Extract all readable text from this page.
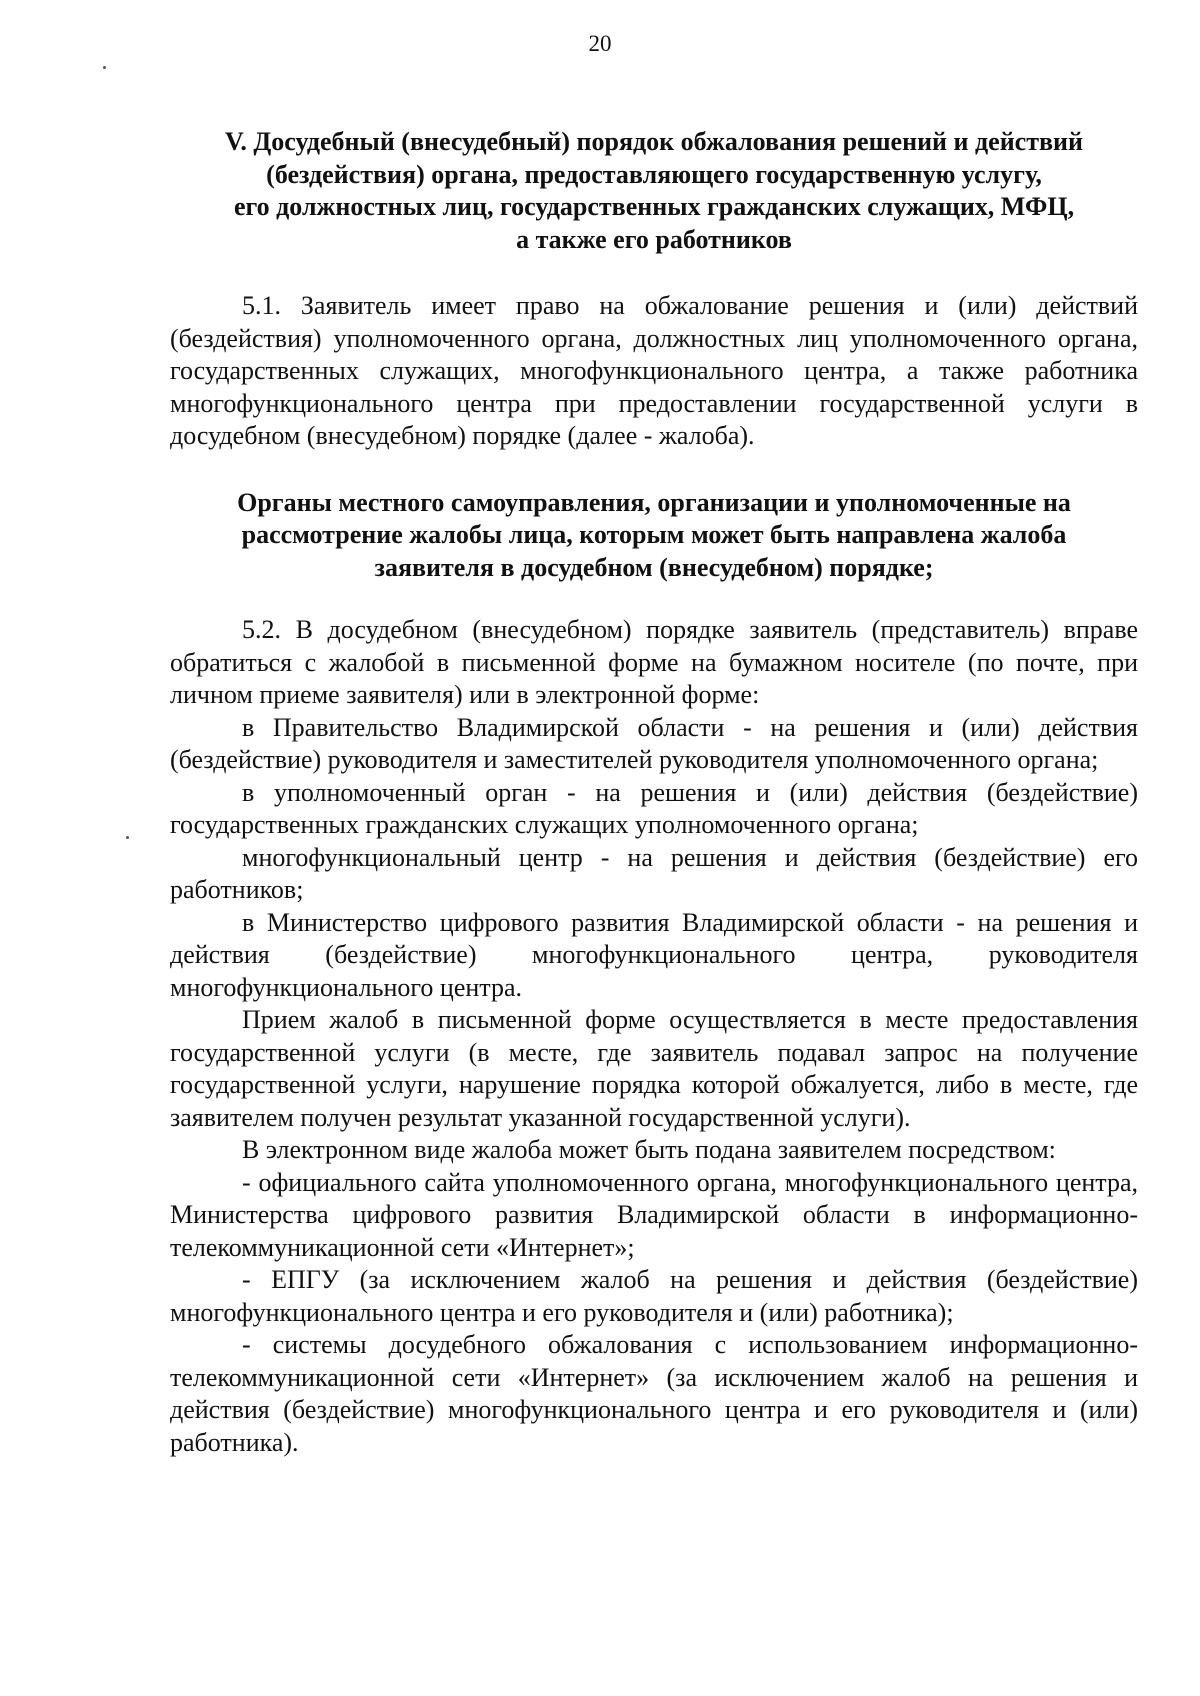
20
V. Досудебный (внесудебный) порядок обжалования решений и действий
(бездействия) органа, предоставляющего государственную услугу,
его должностных лиц, государственных гражданских служащих, МФЦ,
а также его работников

5.1. Заявитель имеет право на обжалование решения и (или) действий (бездействия) уполномоченного органа, должностных лиц уполномоченного органа, государственных служащих, многофункционального центра, а также работника многофункционального центра при предоставлении государственной услуги в досудебном (внесудебном) порядке (далее - жалоба).

Органы местного самоуправления, организации и уполномоченные на
рассмотрение жалобы лица, которым может быть направлена жалоба
заявителя в досудебном (внесудебном) порядке;

5.2. В досудебном (внесудебном) порядке заявитель (представитель) вправе обратиться с жалобой в письменной форме на бумажном носителе (по почте, при личном приеме заявителя) или в электронной форме:

в Правительство Владимирской области - на решения и (или) действия (бездействие) руководителя и заместителей руководителя уполномоченного органа;

в уполномоченный орган - на решения и (или) действия (бездействие) государственных гражданских служащих уполномоченного органа;

многофункциональный центр - на решения и действия (бездействие) его работников;

в Министерство цифрового развития Владимирской области - на решения и действия (бездействие) многофункционального центра, руководителя многофункционального центра.

Прием жалоб в письменной форме осуществляется в месте предоставления государственной услуги (в месте, где заявитель подавал запрос на получение государственной услуги, нарушение порядка которой обжалуется, либо в месте, где заявителем получен результат указанной государственной услуги).

В электронном виде жалоба может быть подана заявителем посредством:

- официального сайта уполномоченного органа, многофункционального центра, Министерства цифрового развития Владимирской области в информационно-телекоммуникационной сети «Интернет»;

- ЕПГУ (за исключением жалоб на решения и действия (бездействие) многофункционального центра и его руководителя и (или) работника);

- системы досудебного обжалования с использованием информационно-телекоммуникационной сети «Интернет» (за исключением жалоб на решения и действия (бездействие) многофункционального центра и его руководителя и (или) работника).
